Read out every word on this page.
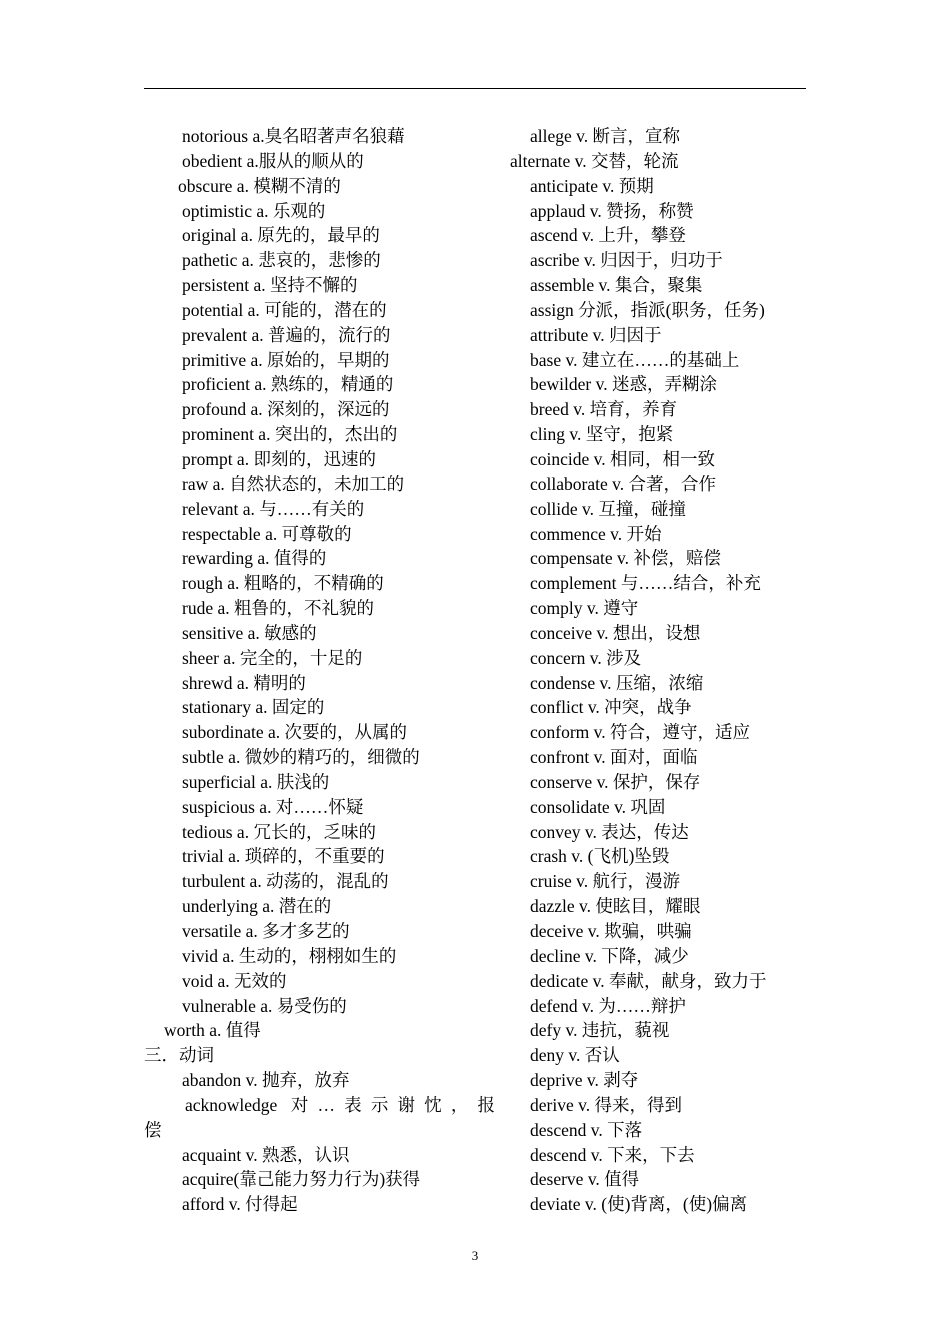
notorious a.臭名昭著声名狼藉
obedient a.服从的顺从的
obscure a. 模糊不清的
optimistic a. 乐观的
original a. 原先的，最早的
pathetic a. 悲哀的，悲惨的
persistent a. 坚持不懈的
potential a. 可能的，潜在的
prevalent a. 普遍的，流行的
primitive a. 原始的，早期的
proficient a. 熟练的，精通的
profound a. 深刻的，深远的
prominent a. 突出的，杰出的
prompt a. 即刻的，迅速的
raw a. 自然状态的，未加工的
relevant a. 与……有关的
respectable a. 可尊敬的
rewarding a. 值得的
rough a. 粗略的，不精确的
rude a. 粗鲁的，不礼貌的
sensitive a. 敏感的
sheer a. 完全的，十足的
shrewd a. 精明的
stationary a. 固定的
subordinate a. 次要的，从属的
subtle a. 微妙的精巧的，细微的
superficial a. 肤浅的
suspicious a. 对……怀疑
tedious a. 冗长的，乏味的
trivial a. 琐碎的，不重要的
turbulent a. 动荡的，混乱的
underlying a. 潜在的
versatile a. 多才多艺的
vivid a. 生动的，栩栩如生的
void a. 无效的
vulnerable a. 易受伤的
worth a. 值得
三．动词
abandon v. 抛弃，放弃
acknowledge 对…表示谢忱，报
偿
acquaint v. 熟悉，认识
acquire(靠己能力努力行为)获得
afford v. 付得起
allege v. 断言，宣称
alternate v. 交替，轮流
anticipate v. 预期
applaud v. 赞扬，称赞
ascend v. 上升，攀登
ascribe v. 归因于，归功于
assemble v. 集合，聚集
assign 分派，指派(职务，任务)
attribute v. 归因于
base v. 建立在……的基础上
bewilder v. 迷惑，弄糊涂
breed v. 培育，养育
cling v. 坚守，抱紧
coincide v. 相同，相一致
collaborate v. 合著，合作
collide v. 互撞，碰撞
commence v. 开始
compensate v. 补偿，赔偿
complement 与……结合，补充
comply v. 遵守
conceive v. 想出，设想
concern v. 涉及
condense v. 压缩，浓缩
conflict v. 冲突，战争
conform v. 符合，遵守，适应
confront v. 面对，面临
conserve v. 保护，保存
consolidate v. 巩固
convey v. 表达，传达
crash v. (飞机)坠毁
cruise v. 航行，漫游
dazzle v. 使眩目，耀眼
deceive v. 欺骗，哄骗
decline v. 下降，减少
dedicate v. 奉献，献身，致力于
defend v. 为……辩护
defy v. 违抗，藐视
deny v. 否认
deprive v. 剥夺
derive v. 得来，得到
descend v. 下落
descend v. 下来，下去
deserve v. 值得
deviate v. (使)背离，(使)偏离
3
